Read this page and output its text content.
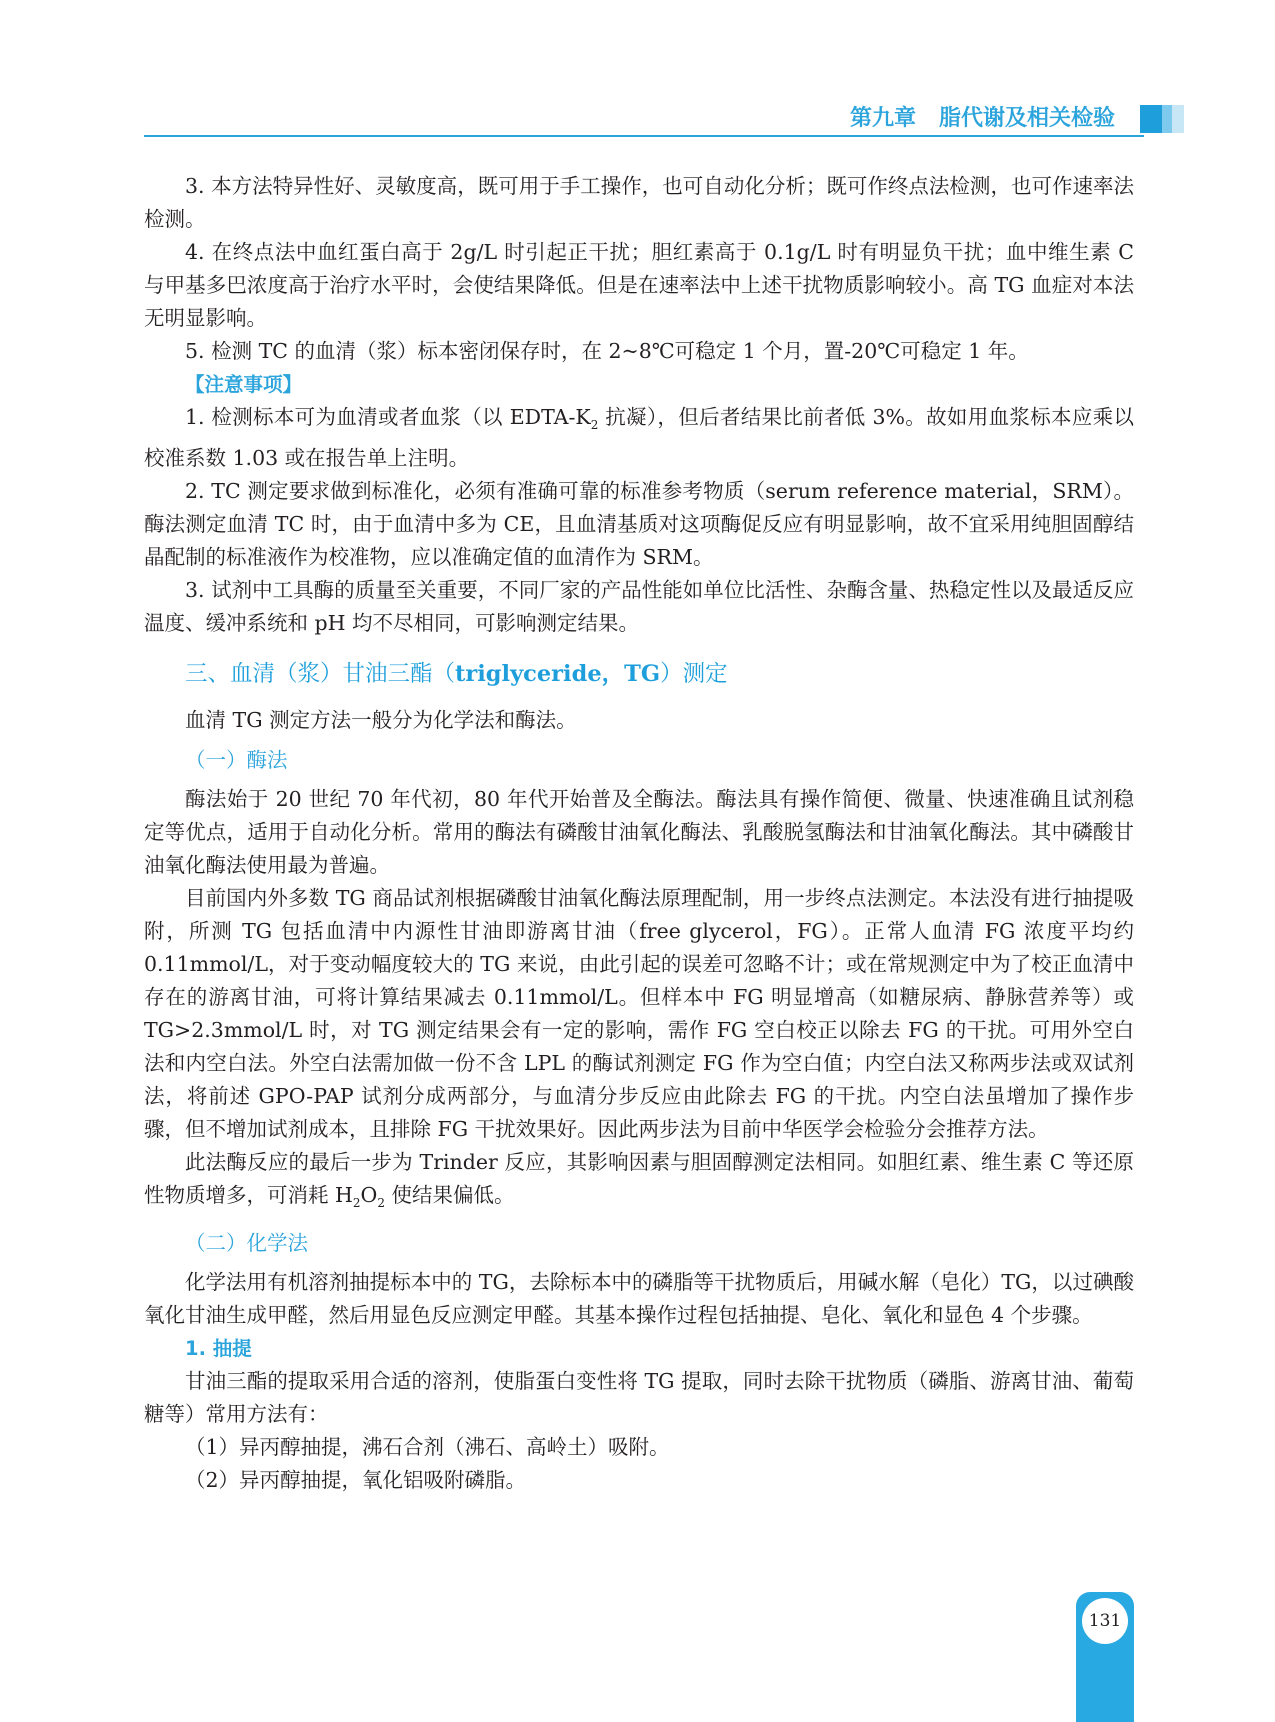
第九章 脂代谢及相关检验

3. 本方法特异性好、灵敏度高，既可用于手工操作，也可自动化分析；既可作终点法检测，也可作速率法检测。

4. 在终点法中血红蛋白高于 2g/L 时引起正干扰；胆红素高于 0.1g/L 时有明显负干扰；血中维生素 C 与甲基多巴浓度高于治疗水平时，会使结果降低。但是在速率法中上述干扰物质影响较小。高 TG 血症对本法无明显影响。

5. 检测 TC 的血清（浆）标本密闭保存时，在 2~8℃可稳定 1 个月，置-20℃可稳定 1 年。

【注意事项】

1. 检测标本可为血清或者血浆（以 EDTA-$K_2$ 抗凝），但后者结果比前者低 3%。故如用血浆标本应乘以校准系数 1.03 或在报告单上注明。

2. TC 测定要求做到标准化，必须有准确可靠的标准参考物质（serum reference material，SRM）。酶法测定血清 TC 时，由于血清中多为 CE，且血清基质对这项酶促反应有明显影响，故不宜采用纯胆固醇结晶配制的标准液作为校准物，应以准确定值的血清作为 SRM。

3. 试剂中工具酶的质量至关重要，不同厂家的产品性能如单位比活性、杂酶含量、热稳定性以及最适反应温度、缓冲系统和 pH 均不尽相同，可影响测定结果。

三、血清（浆）甘油三酯（triglyceride，TG）测定

血清 TG 测定方法一般分为化学法和酶法。

（一）酶法

酶法始于 20 世纪 70 年代初，80 年代开始普及全酶法。酶法具有操作简便、微量、快速准确且试剂稳定等优点，适用于自动化分析。常用的酶法有磷酸甘油氧化酶法、乳酸脱氢酶法和甘油氧化酶法。其中磷酸甘油氧化酶法使用最为普遍。

目前国内外多数 TG 商品试剂根据磷酸甘油氧化酶法原理配制，用一步终点法测定。本法没有进行抽提吸附，所测 TG 包括血清中内源性甘油即游离甘油（free glycerol，FG）。正常人血清 FG 浓度平均约 0.11mmol/L，对于变动幅度较大的 TG 来说，由此引起的误差可忽略不计；或在常规测定中为了校正血清中存在的游离甘油，可将计算结果减去 0.11mmol/L。但样本中 FG 明显增高（如糖尿病、静脉营养等）或 TG>2.3mmol/L 时，对 TG 测定结果会有一定的影响，需作 FG 空白校正以除去 FG 的干扰。可用外空白法和内空白法。外空白法需加做一份不含 LPL 的酶试剂测定 FG 作为空白值；内空白法又称两步法或双试剂法，将前述 GPO-PAP 试剂分成两部分，与血清分步反应由此除去 FG 的干扰。内空白法虽增加了操作步骤，但不增加试剂成本，且排除 FG 干扰效果好。因此两步法为目前中华医学会检验分会推荐方法。

此法酶反应的最后一步为 Trinder 反应，其影响因素与胆固醇测定法相同。如胆红素、维生素 C 等还原性物质增多，可消耗 $H_2O_2$ 使结果偏低。

（二）化学法

化学法用有机溶剂抽提标本中的 TG，去除标本中的磷脂等干扰物质后，用碱水解（皂化）TG，以过碘酸氧化甘油生成甲醛，然后用显色反应测定甲醛。其基本操作过程包括抽提、皂化、氧化和显色 4 个步骤。

1. 抽提

甘油三酯的提取采用合适的溶剂，使脂蛋白变性将 TG 提取，同时去除干扰物质（磷脂、游离甘油、葡萄糖等）常用方法有：

（1）异丙醇抽提，沸石合剂（沸石、高岭土）吸附。

（2）异丙醇抽提，氧化铝吸附磷脂。

131
